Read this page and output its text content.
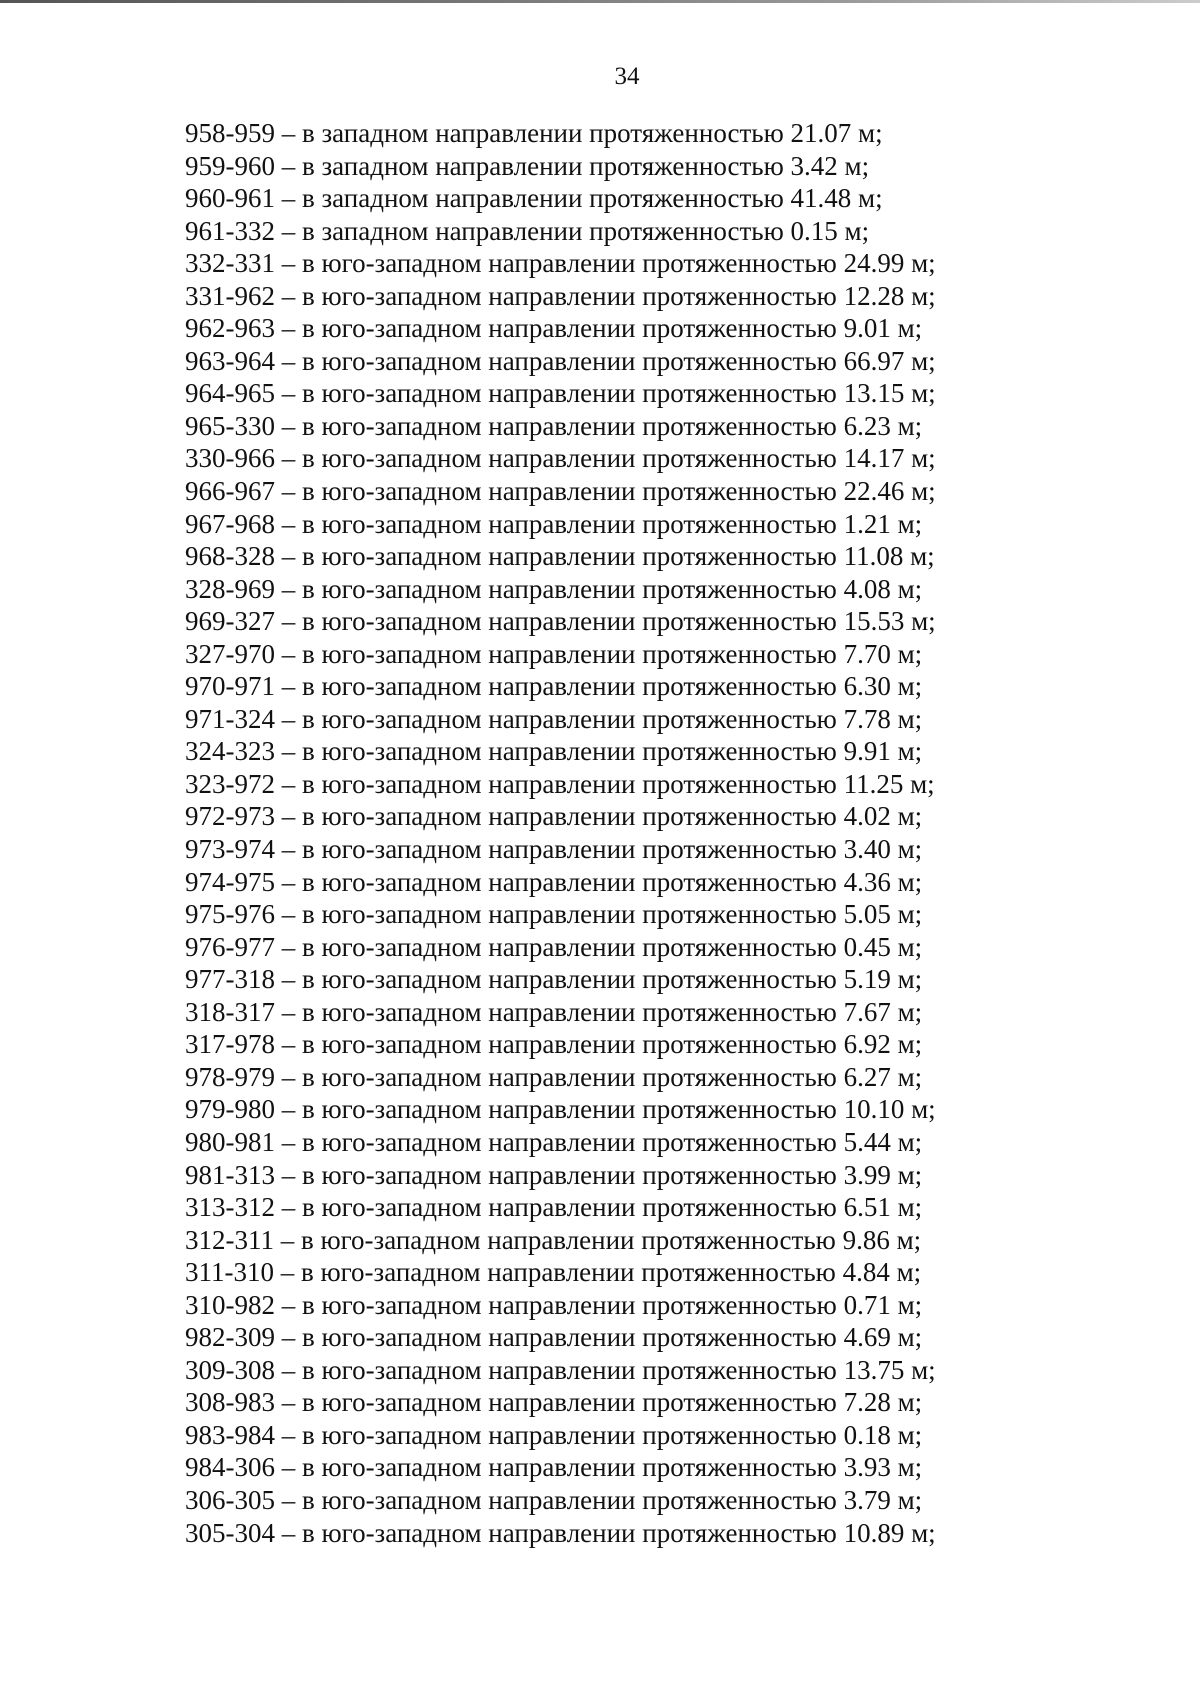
34
958-959 – в западном направлении протяженностью 21.07 м;
959-960 – в западном направлении протяженностью 3.42 м;
960-961 – в западном направлении протяженностью 41.48 м;
961-332 – в западном направлении протяженностью 0.15 м;
332-331 – в юго-западном направлении протяженностью 24.99 м;
331-962 – в юго-западном направлении протяженностью 12.28 м;
962-963 – в юго-западном направлении протяженностью 9.01 м;
963-964 – в юго-западном направлении протяженностью 66.97 м;
964-965 – в юго-западном направлении протяженностью 13.15 м;
965-330 – в юго-западном направлении протяженностью 6.23 м;
330-966 – в юго-западном направлении протяженностью 14.17 м;
966-967 – в юго-западном направлении протяженностью 22.46 м;
967-968 – в юго-западном направлении протяженностью 1.21 м;
968-328 – в юго-западном направлении протяженностью 11.08 м;
328-969 – в юго-западном направлении протяженностью 4.08 м;
969-327 – в юго-западном направлении протяженностью 15.53 м;
327-970 – в юго-западном направлении протяженностью 7.70 м;
970-971 – в юго-западном направлении протяженностью 6.30 м;
971-324 – в юго-западном направлении протяженностью 7.78 м;
324-323 – в юго-западном направлении протяженностью 9.91 м;
323-972 – в юго-западном направлении протяженностью 11.25 м;
972-973 – в юго-западном направлении протяженностью 4.02 м;
973-974 – в юго-западном направлении протяженностью 3.40 м;
974-975 – в юго-западном направлении протяженностью 4.36 м;
975-976 – в юго-западном направлении протяженностью 5.05 м;
976-977 – в юго-западном направлении протяженностью 0.45 м;
977-318 – в юго-западном направлении протяженностью 5.19 м;
318-317 – в юго-западном направлении протяженностью 7.67 м;
317-978 – в юго-западном направлении протяженностью 6.92 м;
978-979 – в юго-западном направлении протяженностью 6.27 м;
979-980 – в юго-западном направлении протяженностью 10.10 м;
980-981 – в юго-западном направлении протяженностью 5.44 м;
981-313 – в юго-западном направлении протяженностью 3.99 м;
313-312 – в юго-западном направлении протяженностью 6.51 м;
312-311 – в юго-западном направлении протяженностью 9.86 м;
311-310 – в юго-западном направлении протяженностью 4.84 м;
310-982 – в юго-западном направлении протяженностью 0.71 м;
982-309 – в юго-западном направлении протяженностью 4.69 м;
309-308 – в юго-западном направлении протяженностью 13.75 м;
308-983 – в юго-западном направлении протяженностью 7.28 м;
983-984 – в юго-западном направлении протяженностью 0.18 м;
984-306 – в юго-западном направлении протяженностью 3.93 м;
306-305 – в юго-западном направлении протяженностью 3.79 м;
305-304 – в юго-западном направлении протяженностью 10.89 м;
